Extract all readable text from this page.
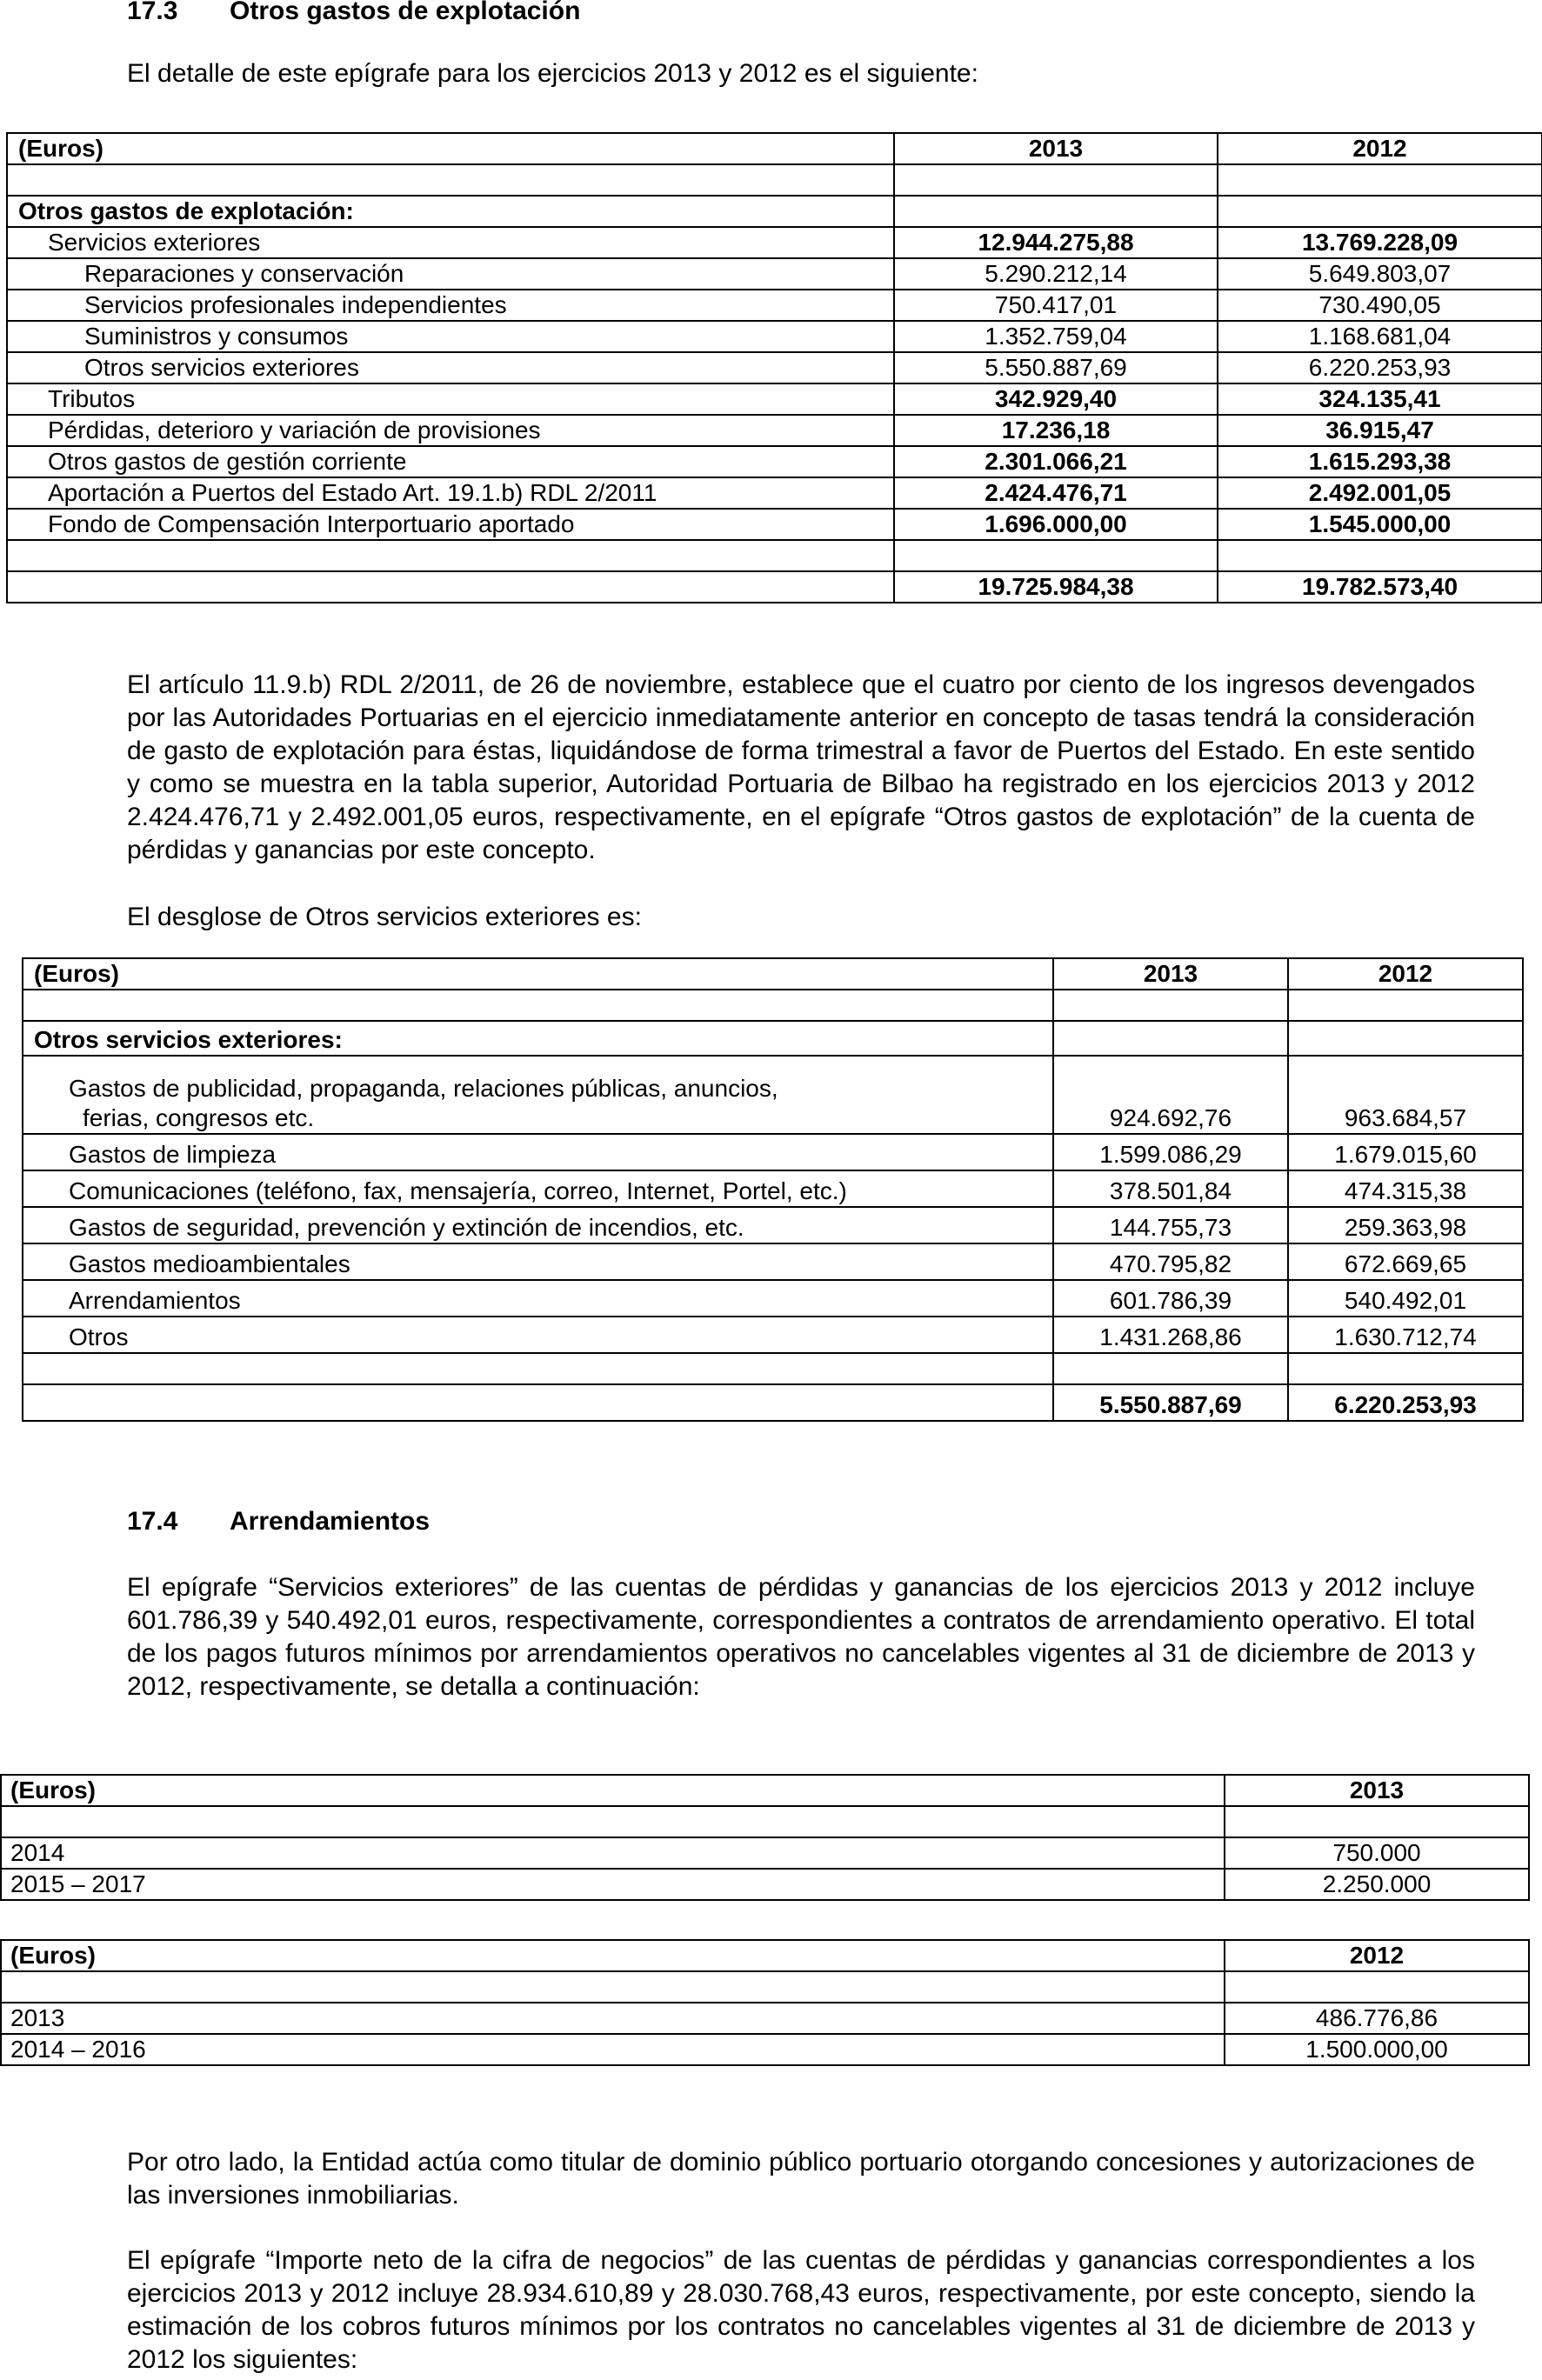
17.3 Otros gastos de explotación
El detalle de este epígrafe para los ejercicios 2013 y 2012 es el siguiente:
(Euros)	2013	2012

Otros gastos de explotación:		
Servicios exteriores	12.944.275,88	13.769.228,09
Reparaciones y conservación	5.290.212,14	5.649.803,07
Servicios profesionales independientes	750.417,01	730.490,05
Suministros y consumos	1.352.759,04	1.168.681,04
Otros servicios exteriores	5.550.887,69	6.220.253,93
Tributos	342.929,40	324.135,41
Pérdidas, deterioro y variación de provisiones	17.236,18	36.915,47
Otros gastos de gestión corriente	2.301.066,21	1.615.293,38
Aportación a Puertos del Estado Art. 19.1.b) RDL 2/2011	2.424.476,71	2.492.001,05
Fondo de Compensación Interportuario aportado	1.696.000,00	1.545.000,00

	19.725.984,38	19.782.573,40
El artículo 11.9.b) RDL 2/2011, de 26 de noviembre, establece que el cuatro por ciento de los ingresos devengados por las Autoridades Portuarias en el ejercicio inmediatamente anterior en concepto de tasas tendrá la consideración de gasto de explotación para éstas, liquidándose de forma trimestral a favor de Puertos del Estado. En este sentido y como se muestra en la tabla superior, Autoridad Portuaria de Bilbao ha registrado en los ejercicios 2013 y 2012 2.424.476,71 y 2.492.001,05 euros, respectivamente, en el epígrafe “Otros gastos de explotación” de la cuenta de pérdidas y ganancias por este concepto.
El desglose de Otros servicios exteriores es:
(Euros)	2013	2012

Otros servicios exteriores:		

Gastos de publicidad, propaganda, relaciones públicas, anuncios,
ferias, congresos etc.	924.692,76	963.684,57
Gastos de limpieza	1.599.086,29	1.679.015,60
Comunicaciones (teléfono, fax, mensajería, correo, Internet, Portel, etc.)	378.501,84	474.315,38
Gastos de seguridad, prevención y extinción de incendios, etc.	144.755,73	259.363,98
Gastos medioambientales	470.795,82	672.669,65
Arrendamientos	601.786,39	540.492,01
Otros	1.431.268,86	1.630.712,74

	5.550.887,69	6.220.253,93
17.4 Arrendamientos
El epígrafe “Servicios exteriores” de las cuentas de pérdidas y ganancias de los ejercicios 2013 y 2012 incluye 601.786,39 y 540.492,01 euros, respectivamente, correspondientes a contratos de arrendamiento operativo. El total de los pagos futuros mínimos por arrendamientos operativos no cancelables vigentes al 31 de diciembre de 2013 y 2012, respectivamente, se detalla a continuación:
(Euros)	2013

2014	750.000
2015 – 2017	2.250.000
(Euros)	2012

2013	486.776,86
2014 – 2016	1.500.000,00
Por otro lado, la Entidad actúa como titular de dominio público portuario otorgando concesiones y autorizaciones de las inversiones inmobiliarias.
El epígrafe “Importe neto de la cifra de negocios” de las cuentas de pérdidas y ganancias correspondientes a los ejercicios 2013 y 2012 incluye 28.934.610,89 y 28.030.768,43 euros, respectivamente, por este concepto, siendo la estimación de los cobros futuros mínimos por los contratos no cancelables vigentes al 31 de diciembre de 2013 y 2012 los siguientes:
